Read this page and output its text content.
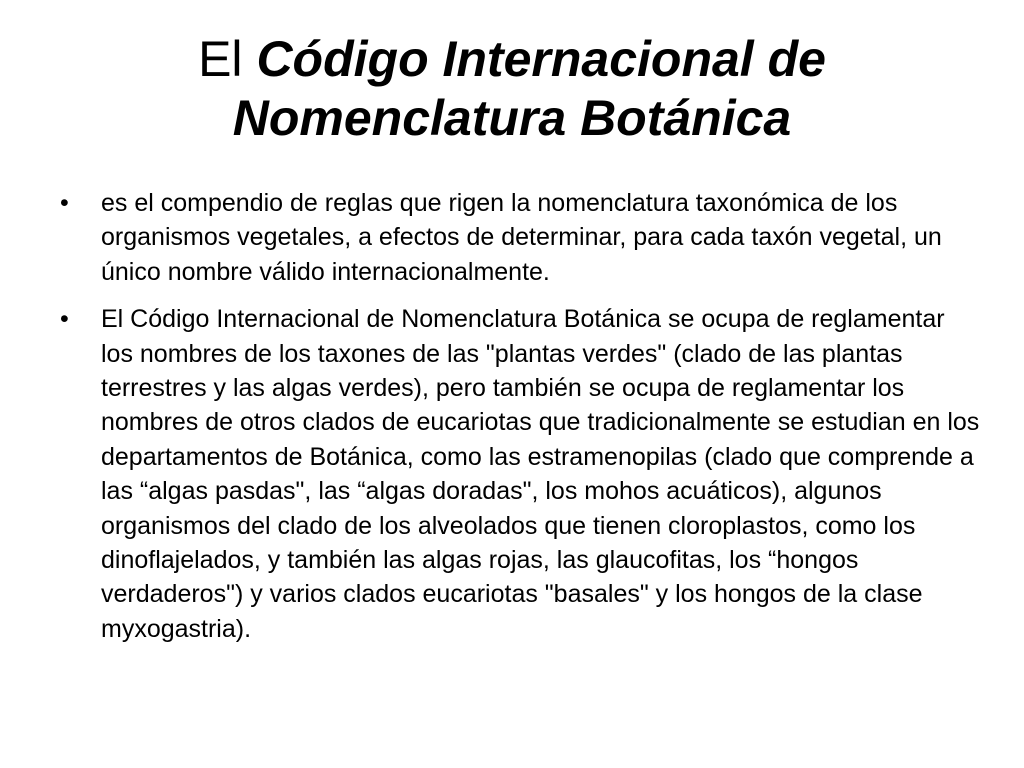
El Código Internacional de
Nomenclatura Botánica
• es el compendio de reglas que rigen la nomenclatura taxonómica de los organismos vegetales, a efectos de determinar, para cada taxón vegetal, un único nombre válido internacionalmente.
• El Código Internacional de Nomenclatura Botánica se ocupa de reglamentar los nombres de los taxones de las "plantas verdes" (clado de las plantas terrestres y las algas verdes), pero también se ocupa de reglamentar los nombres de otros clados de eucariotas que tradicionalmente se estudian en los departamentos de Botánica, como las estramenopilas (clado que comprende a las “algas pasdas", las “algas doradas", los mohos acuáticos), algunos organismos del clado de los alveolados que tienen cloroplastos, como los dinoflajelados, y también las algas rojas, las glaucofitas, los “hongos verdaderos") y varios clados eucariotas "basales" y los hongos de la clase myxogastria).
